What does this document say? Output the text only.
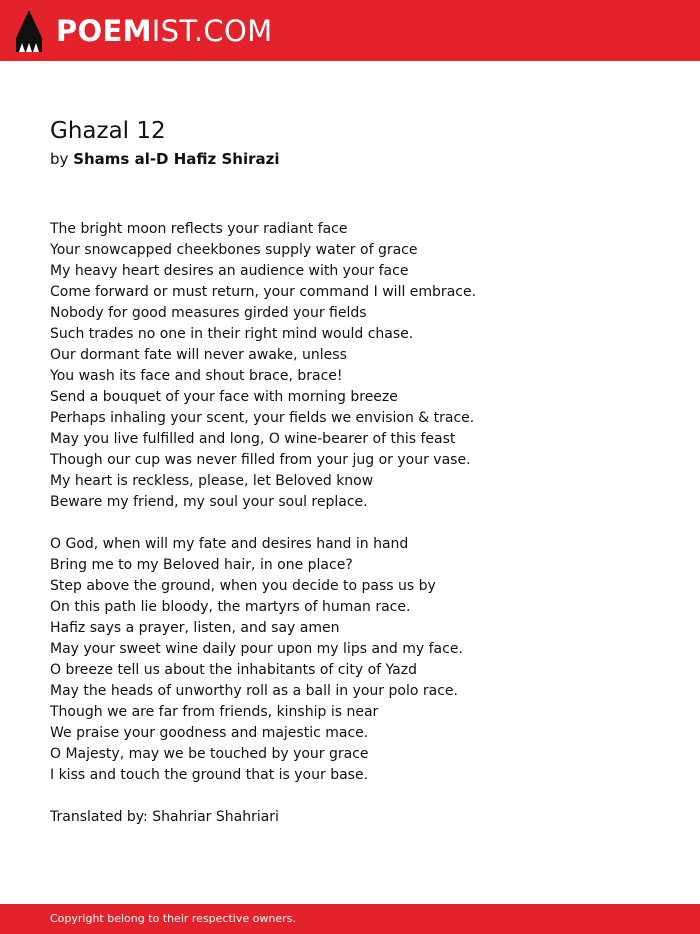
POEMIST.COM
Ghazal 12
by Shams al-D Hafiz Shirazi
The bright moon reflects your radiant face
Your snowcapped cheekbones supply water of grace
My heavy heart desires an audience with your face
Come forward or must return, your command I will embrace.
Nobody for good measures girded your fields
Such trades no one in their right mind would chase.
Our dormant fate will never awake, unless
You wash its face and shout brace, brace!
Send a bouquet of your face with morning breeze
Perhaps inhaling your scent, your fields we envision & trace.
May you live fulfilled and long, O wine-bearer of this feast
Though our cup was never filled from your jug or your vase.
My heart is reckless, please, let Beloved know
Beware my friend, my soul your soul replace.
O God, when will my fate and desires hand in hand
Bring me to my Beloved hair, in one place?
Step above the ground, when you decide to pass us by
On this path lie bloody, the martyrs of human race.
Hafiz says a prayer, listen, and say amen
May your sweet wine daily pour upon my lips and my face.
O breeze tell us about the inhabitants of city of Yazd
May the heads of unworthy roll as a ball in your polo race.
Though we are far from friends, kinship is near
We praise your goodness and majestic mace.
O Majesty, may we be touched by your grace
I kiss and touch the ground that is your base.
Translated by: Shahriar Shahriari
Copyright belong to their respective owners.
